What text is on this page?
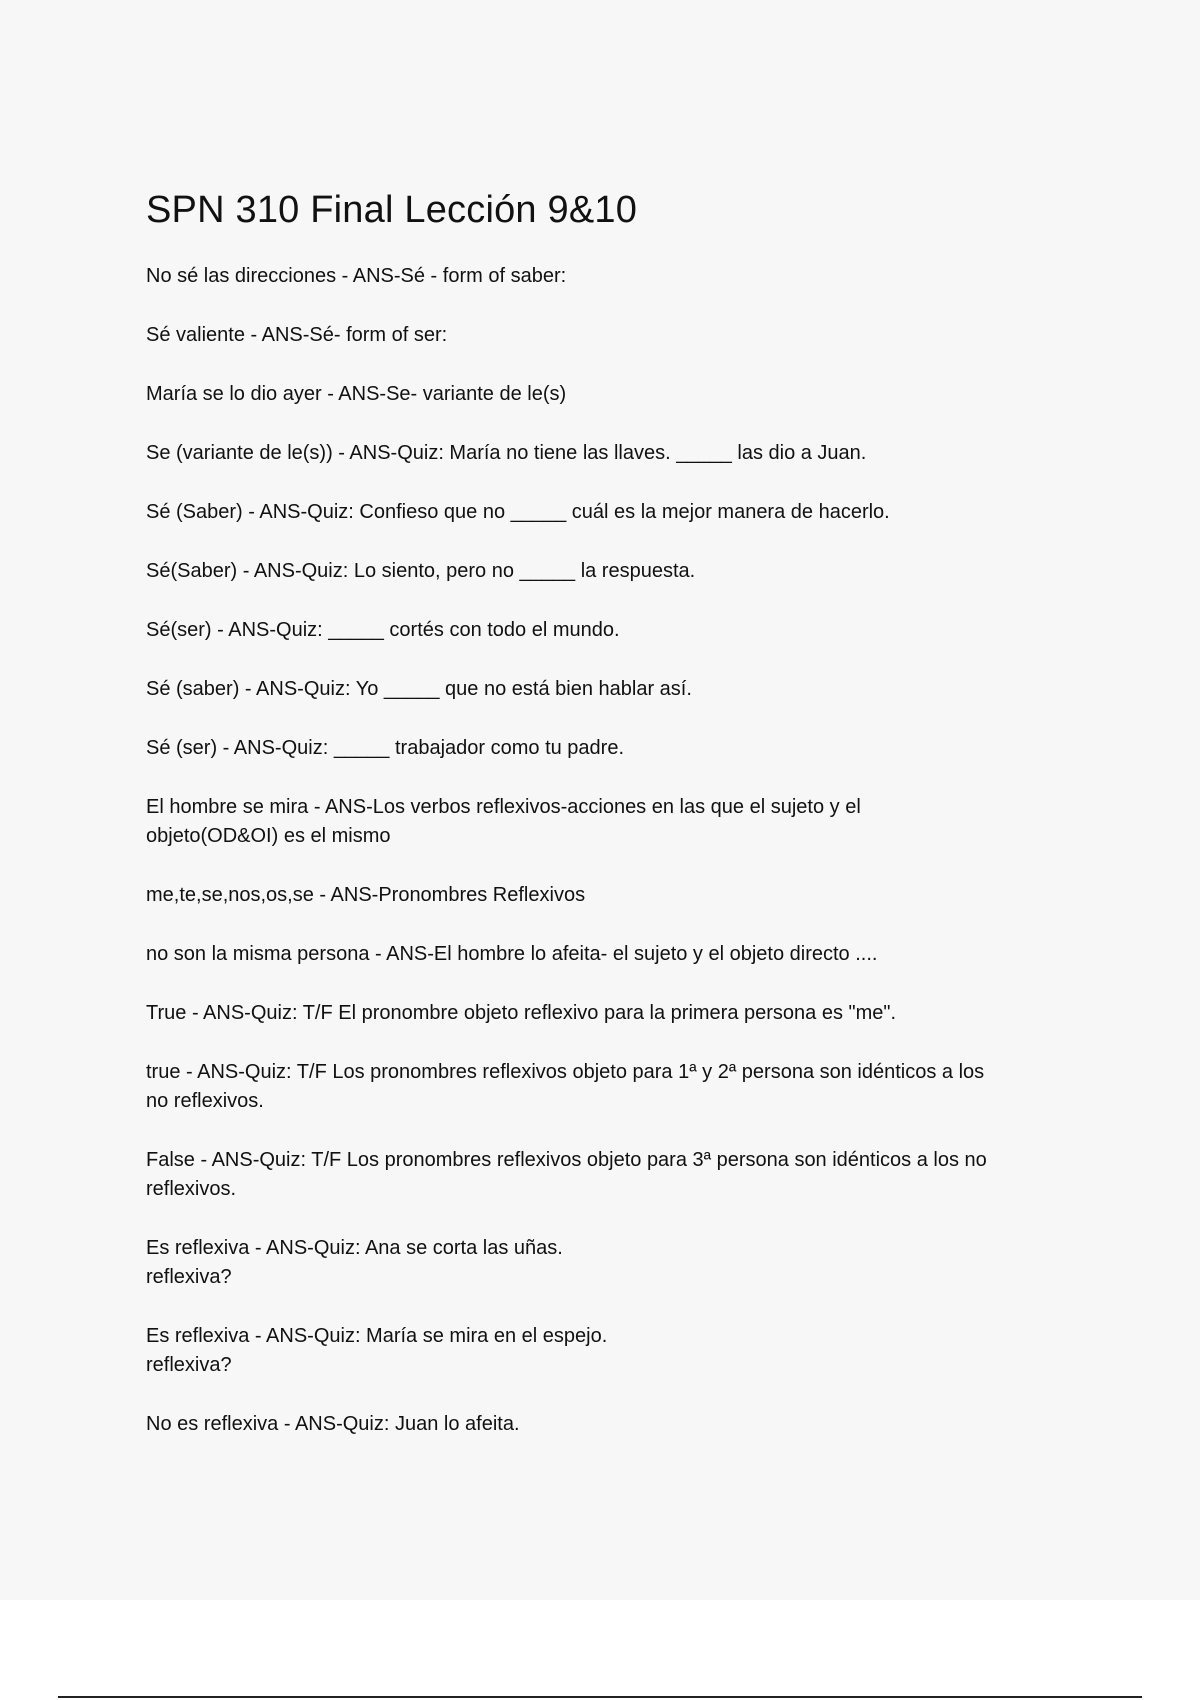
SPN 310 Final Lección 9&10
No sé las direcciones - ANS-Sé - form of saber:
Sé valiente - ANS-Sé- form of ser:
María se lo dio ayer - ANS-Se- variante de le(s)
Se (variante de le(s)) - ANS-Quiz: María no tiene las llaves. _____ las dio a Juan.
Sé (Saber) - ANS-Quiz: Confieso que no _____ cuál es la mejor manera de hacerlo.
Sé(Saber) - ANS-Quiz: Lo siento, pero no _____ la respuesta.
Sé(ser) - ANS-Quiz: _____ cortés con todo el mundo.
Sé (saber) - ANS-Quiz: Yo _____ que no está bien hablar así.
Sé (ser) - ANS-Quiz: _____ trabajador como tu padre.
El hombre se mira - ANS-Los verbos reflexivos-acciones en las que el sujeto y el
objeto(OD&OI) es el mismo
me,te,se,nos,os,se - ANS-Pronombres Reflexivos
no son la misma persona - ANS-El hombre lo afeita- el sujeto y el objeto directo ....
True - ANS-Quiz: T/F El pronombre objeto reflexivo para la primera persona es "me".
true - ANS-Quiz: T/F Los pronombres reflexivos objeto para 1ª y 2ª persona son idénticos a los
no reflexivos.
False - ANS-Quiz: T/F Los pronombres reflexivos objeto para 3ª persona son idénticos a los no
reflexivos.
Es reflexiva - ANS-Quiz: Ana se corta las uñas.
reflexiva?
Es reflexiva - ANS-Quiz: María se mira en el espejo.
reflexiva?
No es reflexiva - ANS-Quiz: Juan lo afeita.
